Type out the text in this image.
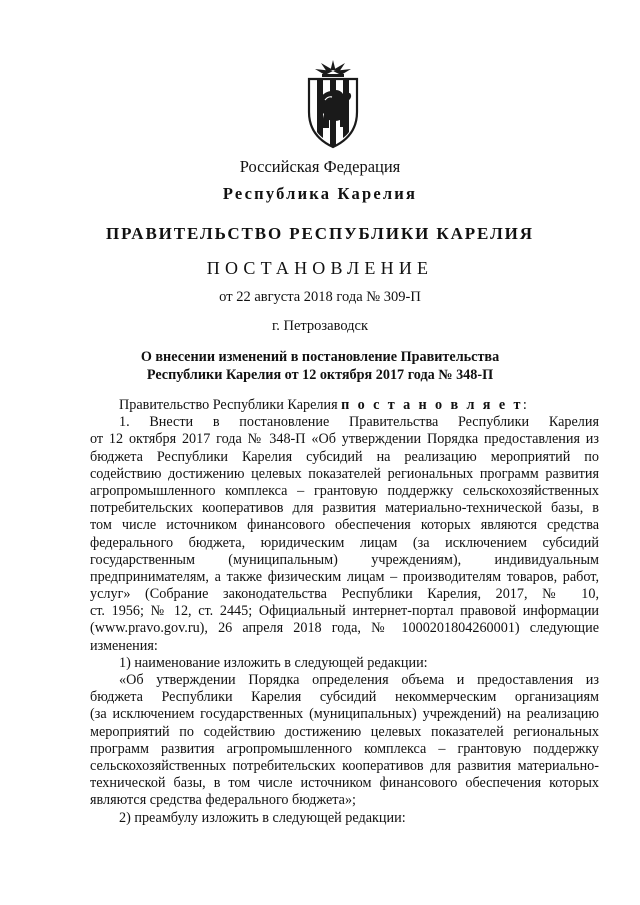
Российская Федерация
Республика Карелия
ПРАВИТЕЛЬСТВО РЕСПУБЛИКИ КАРЕЛИЯ
ПОСТАНОВЛЕНИЕ
от 22 августа 2018 года № 309-П
г. Петрозаводск
О внесении изменений в постановление Правительства
Республики Карелия от 12 октября 2017 года № 348-П
Правительство Республики Карелия п о с т а н о в л я е т:
1. Внести в постановление Правительства Республики Карелия
от 12 октября 2017 года № 348-П «Об утверждении Порядка предоставления из
бюджета Республики Карелия субсидий на реализацию мероприятий по
содействию достижению целевых показателей региональных программ развития
агропромышленного комплекса – грантовую поддержку сельскохозяйственных
потребительских кооперативов для развития материально-технической базы, в
том числе источником финансового обеспечения которых являются средства
федерального бюджета, юридическим лицам (за исключением субсидий
государственным (муниципальным) учреждениям), индивидуальным
предпринимателям, а также физическим лицам – производителям товаров, работ,
услуг» (Собрание законодательства Республики Карелия, 2017, № 10,
ст. 1956; № 12, ст. 2445; Официальный интернет-портал правовой информации
(www.pravo.gov.ru), 26 апреля 2018 года, № 1000201804260001) следующие
изменения:
1) наименование изложить в следующей редакции:
«Об утверждении Порядка определения объема и предоставления из
бюджета Республики Карелия субсидий некоммерческим организациям
(за исключением государственных (муниципальных) учреждений) на реализацию
мероприятий по содействию достижению целевых показателей региональных
программ развития агропромышленного комплекса – грантовую поддержку
сельскохозяйственных потребительских кооперативов для развития материально-
технической базы, в том числе источником финансового обеспечения которых
являются средства федерального бюджета»;
2) преамбулу изложить в следующей редакции:
